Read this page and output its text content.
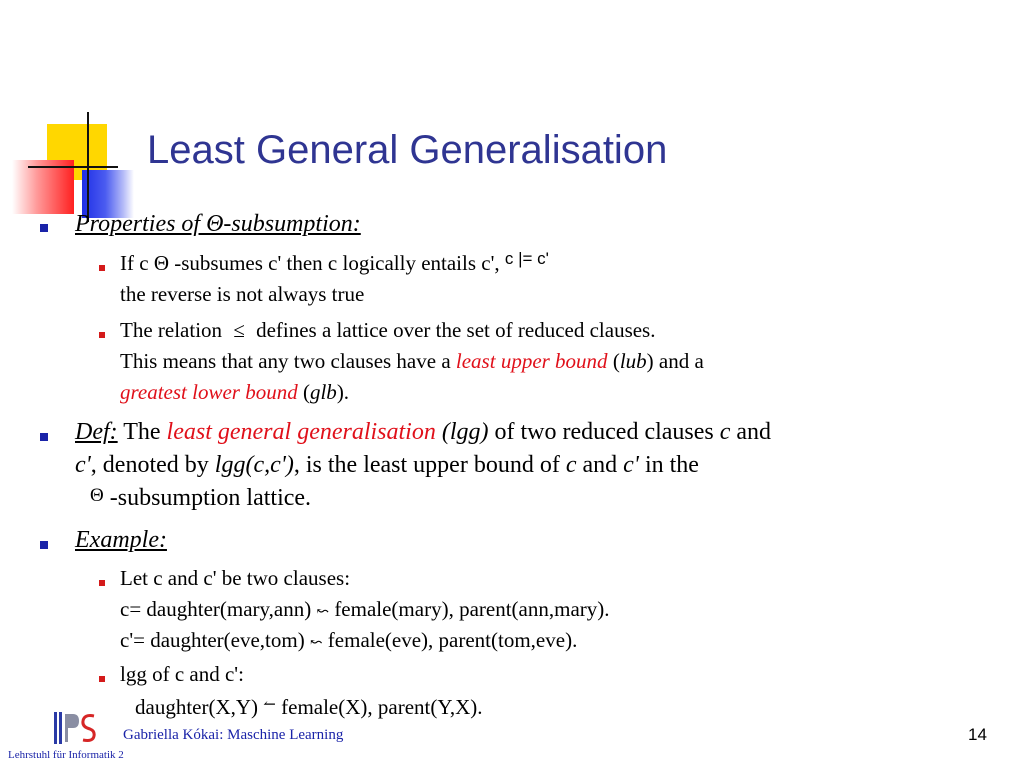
Least General Generalisation
Properties of Θ-subsumption:
If c Θ -subsumes c' then c logically entails c', $^{c |= c'}$
the reverse is not always true
The relation ≤ defines a lattice over the set of reduced clauses.
This means that any two clauses have a least upper bound (lub) and a
greatest lower bound (glb).
Def: The least general generalisation (lgg) of two reduced clauses c and
c', denoted by lgg(c,c'), is the least upper bound of c and c' in the
Θ -subsumption lattice.
Example:
Let c and c' be two clauses:
c= daughter(mary,ann) ↜ female(mary), parent(ann,mary).
c'= daughter(eve,tom) ↜ female(eve), parent(tom,eve).
lgg of c and c':
daughter(X,Y) ↼ female(X), parent(Y,X).
Gabriella Kókai: Maschine Learning
Lehrstuhl für Informatik 2
14
